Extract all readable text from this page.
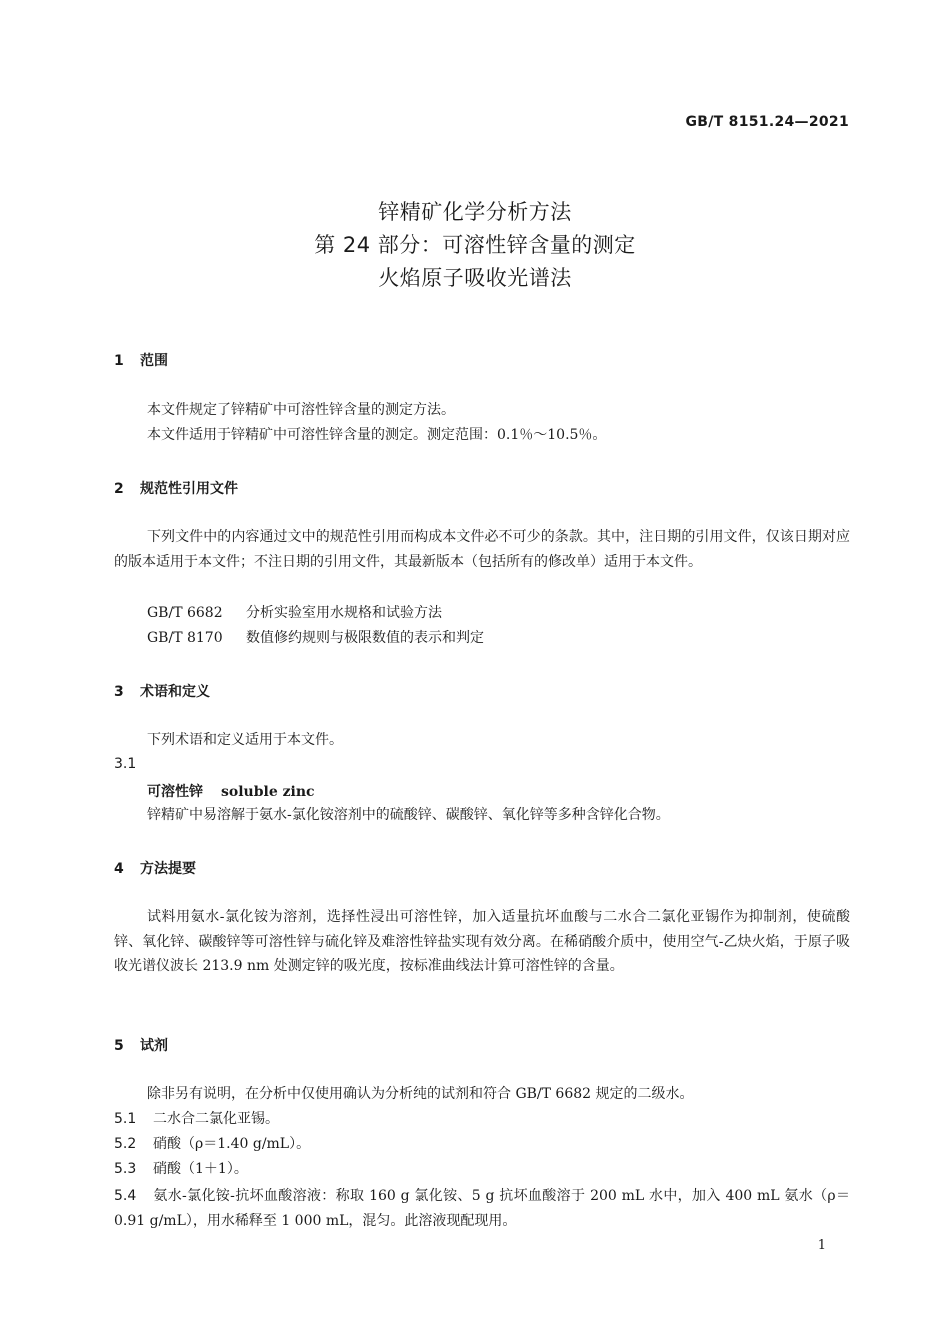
GB/T 8151.24—2021
锌精矿化学分析方法
第 24 部分：可溶性锌含量的测定
火焰原子吸收光谱法
1 范围
本文件规定了锌精矿中可溶性锌含量的测定方法。
本文件适用于锌精矿中可溶性锌含量的测定。测定范围：0.1％～10.5％。
2 规范性引用文件
下列文件中的内容通过文中的规范性引用而构成本文件必不可少的条款。其中，注日期的引用文件，仅该日期对应的版本适用于本文件；不注日期的引用文件，其最新版本（包括所有的修改单）适用于本文件。
GB/T 6682 分析实验室用水规格和试验方法
GB/T 8170 数值修约规则与极限数值的表示和判定
3 术语和定义
下列术语和定义适用于本文件。
3.1
可溶性锌 soluble zinc
锌精矿中易溶解于氨水-氯化铵溶剂中的硫酸锌、碳酸锌、氧化锌等多种含锌化合物。
4 方法提要
试料用氨水-氯化铵为溶剂，选择性浸出可溶性锌，加入适量抗坏血酸与二水合二氯化亚锡作为抑制剂，使硫酸锌、氧化锌、碳酸锌等可溶性锌与硫化锌及难溶性锌盐实现有效分离。在稀硝酸介质中，使用空气-乙炔火焰，于原子吸收光谱仪波长 213.9 nm 处测定锌的吸光度，按标准曲线法计算可溶性锌的含量。
5 试剂
除非另有说明，在分析中仅使用确认为分析纯的试剂和符合 GB/T 6682 规定的二级水。
5.1 二水合二氯化亚锡。
5.2 硝酸（ρ＝1.40 g/mL）。
5.3 硝酸（1＋1）。
5.4 氨水-氯化铵-抗坏血酸溶液：称取 160 g 氯化铵、5 g 抗坏血酸溶于 200 mL 水中，加入 400 mL 氨水（ρ＝0.91 g/mL），用水稀释至 1 000 mL，混匀。此溶液现配现用。
1
